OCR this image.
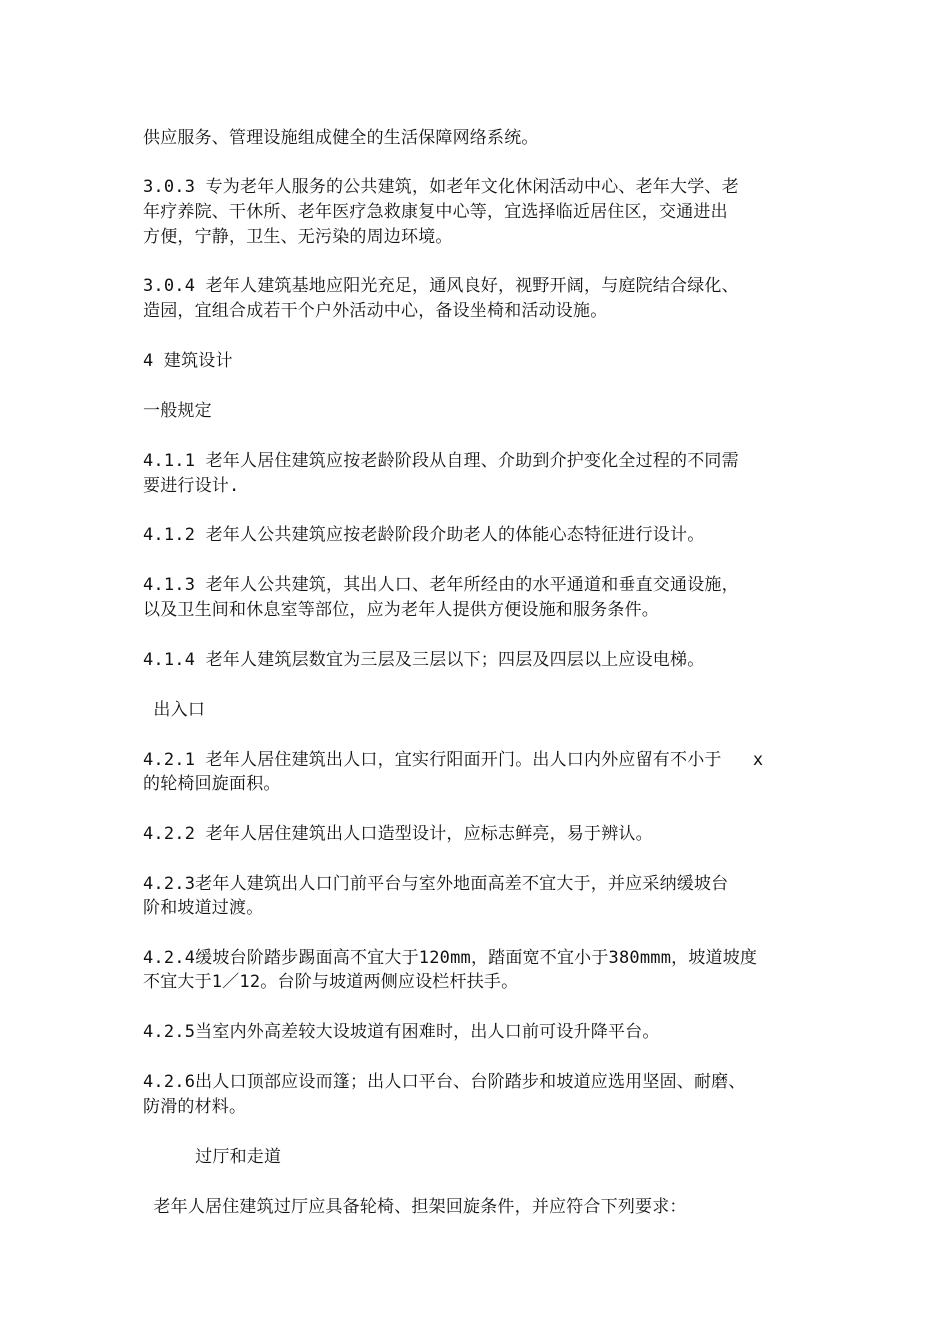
供应服务、管理设施组成健全的生活保障网络系统。
3.0.3 专为老年人服务的公共建筑，如老年文化休闲活动中心、老年大学、老
年疗养院、干休所、老年医疗急救康复中心等，宜选择临近居住区，交通进出
方便，宁静，卫生、无污染的周边环境。
3.0.4 老年人建筑基地应阳光充足，通风良好，视野开阔，与庭院结合绿化、
造园，宜组合成若干个户外活动中心，备设坐椅和活动设施。
4 建筑设计
一般规定
4.1.1 老年人居住建筑应按老龄阶段从自理、介助到介护变化全过程的不同需
要进行设计.
4.1.2 老年人公共建筑应按老龄阶段介助老人的体能心态特征进行设计。
4.1.3 老年人公共建筑，其出人口、老年所经由的水平通道和垂直交通设施，
以及卫生间和休息室等部位，应为老年人提供方便设施和服务条件。
4.1.4 老年人建筑层数宜为三层及三层以下；四层及四层以上应设电梯。
出入口
4.2.1 老年人居住建筑出人口，宜实行阳面开门。出人口内外应留有不小于   x
的轮椅回旋面积。
4.2.2 老年人居住建筑出人口造型设计，应标志鲜亮，易于辨认。
4.2.3老年人建筑出人口门前平台与室外地面高差不宜大于，并应采纳缓坡台
阶和坡道过渡。
4.2.4缓坡台阶踏步踢面高不宜大于120mm，踏面宽不宜小于380mmm，坡道坡度
不宜大于1／12。台阶与坡道两侧应设栏杆扶手。
4.2.5当室内外高差较大设坡道有困难时，出人口前可设升降平台。
4.2.6出人口顶部应设而篷；出人口平台、台阶踏步和坡道应选用坚固、耐磨、
防滑的材料。
过厅和走道
老年人居住建筑过厅应具备轮椅、担架回旋条件，并应符合下列要求：
